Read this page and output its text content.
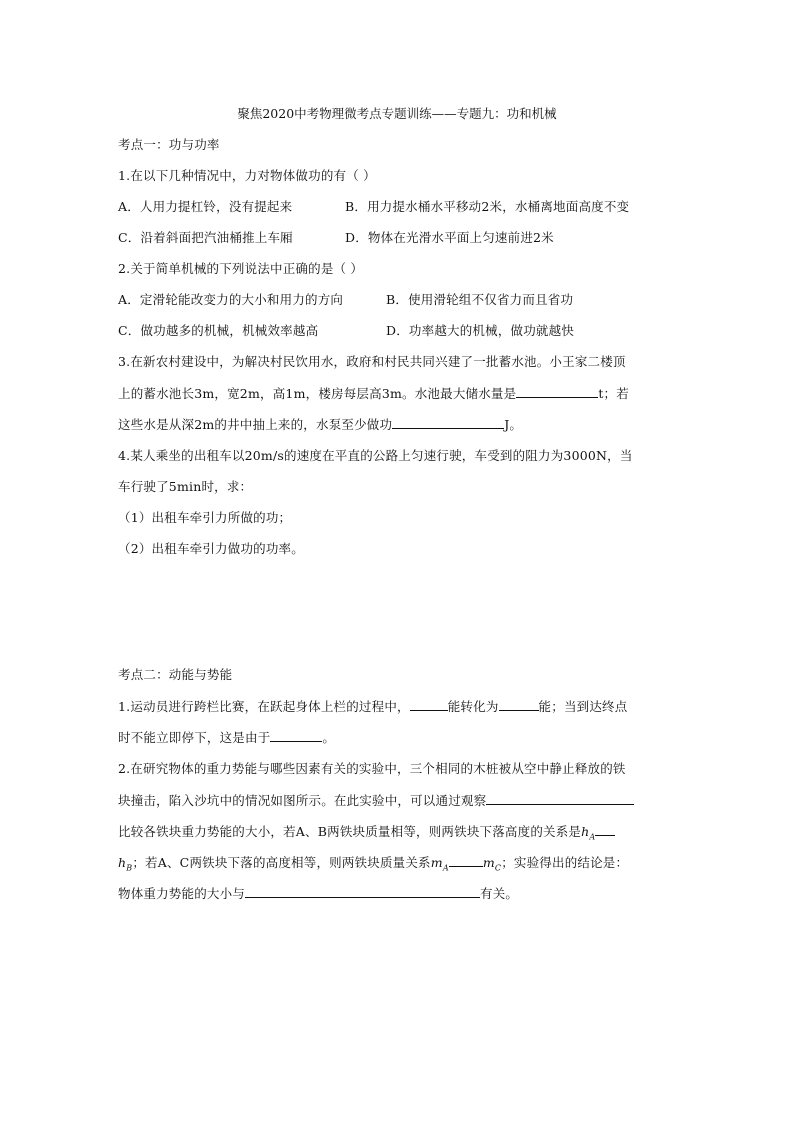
聚焦2020中考物理微考点专题训练——专题九：功和机械
考点一：功与功率
1.在以下几种情况中，力对物体做功的有（ ）
A．人用力提杠铃，没有提起来	B．用力提水桶水平移动2米，水桶离地面高度不变
C．沿着斜面把汽油桶推上车厢	D．物体在光滑水平面上匀速前进2米
2.关于简单机械的下列说法中正确的是（ ）
A．定滑轮能改变力的大小和用力的方向	B．使用滑轮组不仅省力而且省功
C．做功越多的机械，机械效率越高	D．功率越大的机械，做功就越快
3.在新农村建设中，为解决村民饮用水，政府和村民共同兴建了一批蓄水池。小王家二楼顶
上的蓄水池长3m，宽2m，高1m，楼房每层高3m。水池最大储水量是	t；若
这些水是从深2m的井中抽上来的，水泵至少做功	J。
4.某人乘坐的出租车以20m/s的速度在平直的公路上匀速行驶，车受到的阻力为3000N，当
车行驶了5min时，求：
（1）出租车牵引力所做的功；
（2）出租车牵引力做功的功率。
考点二：动能与势能
1.运动员进行跨栏比赛，在跃起身体上栏的过程中，	能转化为	能；当到达终点
时不能立即停下，这是由于	。
2.在研究物体的重力势能与哪些因素有关的实验中，三个相同的木桩被从空中静止释放的铁
块撞击，陷入沙坑中的情况如图所示。在此实验中，可以通过观察
比较各铁块重力势能的大小，若A、B两铁块质量相等，则两铁块下落高度的关系是$h_A$
$h_B$；若A、C两铁块下落的高度相等，则两铁块质量关系$m_A$	$m_C$；实验得出的结论是：
物体重力势能的大小与	有关。
